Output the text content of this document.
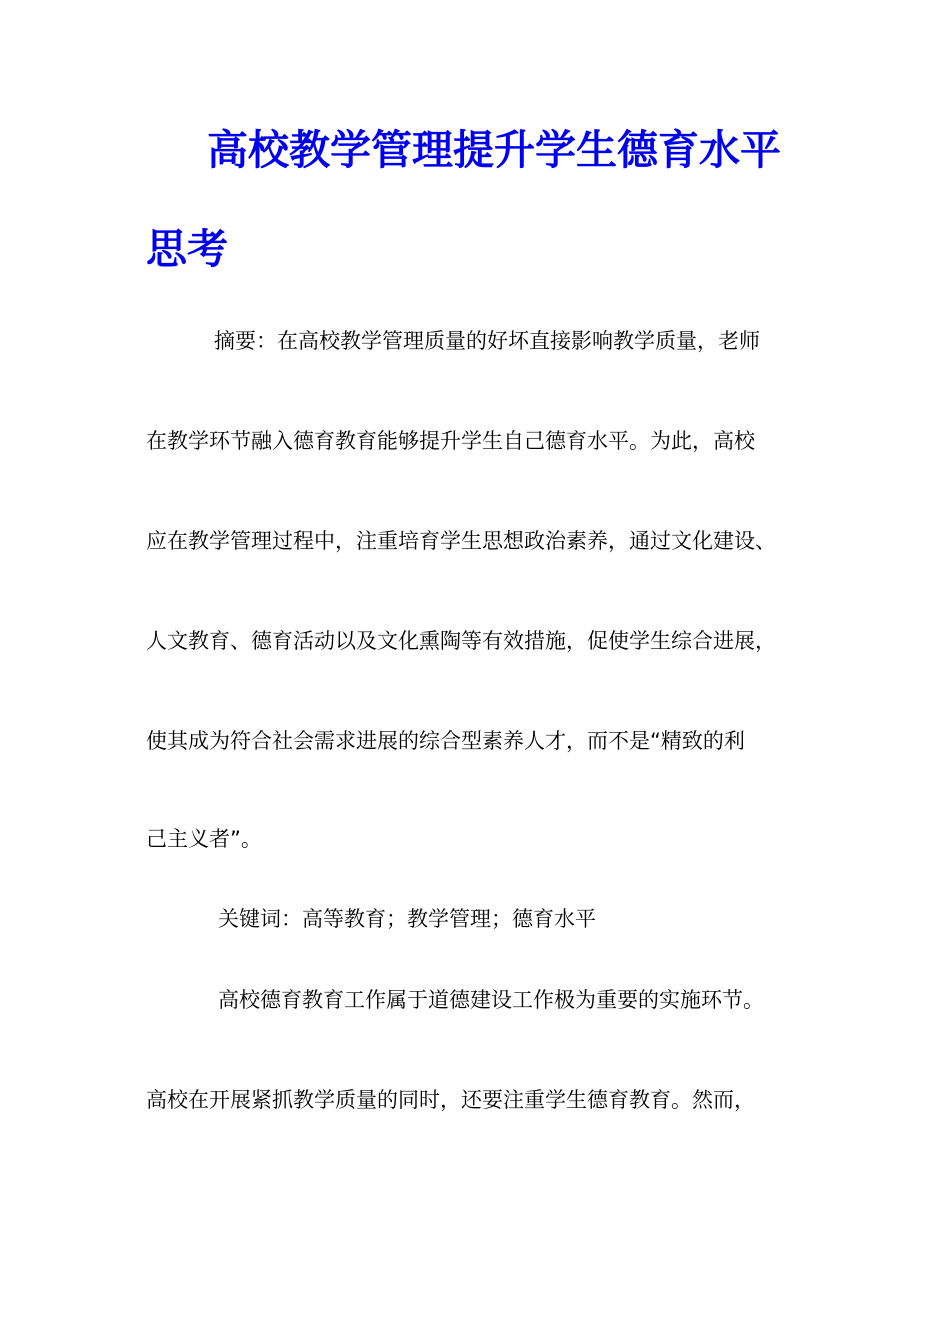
高校教学管理提升学生德育水平
思考
摘要：在高校教学管理质量的好坏直接影响教学质量，老师
在教学环节融入德育教育能够提升学生自己德育水平。为此，高校
应在教学管理过程中，注重培育学生思想政治素养，通过文化建设、
人文教育、德育活动以及文化熏陶等有效措施，促使学生综合进展，
使其成为符合社会需求进展的综合型素养人才，而不是“精致的利
己主义者”。
关键词：高等教育；教学管理；德育水平
高校德育教育工作属于道德建设工作极为重要的实施环节。
高校在开展紧抓教学质量的同时，还要注重学生德育教育。然而，
